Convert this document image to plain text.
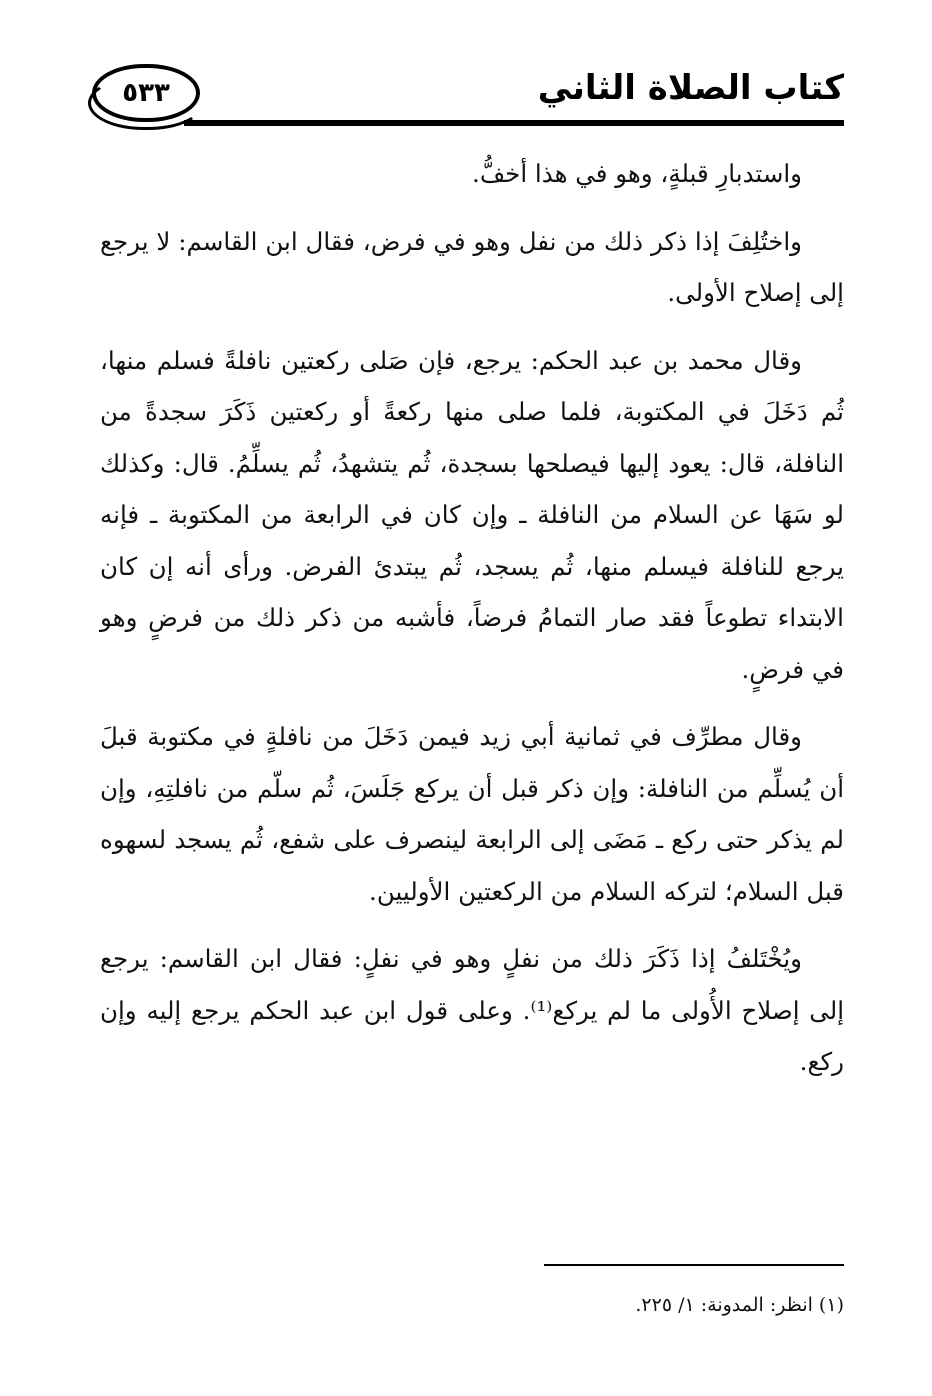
كتاب الصلاة الثاني
٥٣٣

واستدبارِ قبلةٍ، وهو في هذا أخفُّ.

واختُلِفَ إذا ذكر ذلك من نفل وهو في فرض، فقال ابن القاسم: لا يرجع إلى إصلاح الأولى.

وقال محمد بن عبد الحكم: يرجع، فإن صَلى ركعتين نافلةً فسلم منها، ثُم دَخَلَ في المكتوبة، فلما صلى منها ركعةً أو ركعتين ذَكَرَ سجدةً من النافلة، قال: يعود إليها فيصلحها بسجدة، ثُم يتشهدُ، ثُم يسلِّمُ. قال: وكذلك لو سَهَا عن السلام من النافلة ـ وإن كان في الرابعة من المكتوبة ـ فإنه يرجع للنافلة فيسلم منها، ثُم يسجد، ثُم يبتدئ الفرض. ورأى أنه إن كان الابتداء تطوعاً فقد صار التمامُ فرضاً، فأشبه من ذكر ذلك من فرضٍ وهو في فرضٍ.

وقال مطرِّف في ثمانية أبي زيد فيمن دَخَلَ من نافلةٍ في مكتوبة قبلَ أن يُسلِّم من النافلة: وإن ذكر قبل أن يركع جَلَسَ، ثُم سلّم من نافلتِهِ، وإن لم يذكر حتى ركع ـ مَضَى إلى الرابعة لينصرف على شفع، ثُم يسجد لسهوه قبل السلام؛ لتركه السلام من الركعتين الأوليين.

ويُخْتَلفُ إذا ذَكَرَ ذلك من نفلٍ وهو في نفلٍ: فقال ابن القاسم: يرجع إلى إصلاح الأُولى ما لم يركع⁽¹⁾. وعلى قول ابن عبد الحكم يرجع إليه وإن ركع.

(١) انظر: المدونة: ١/ ٢٢٥.
